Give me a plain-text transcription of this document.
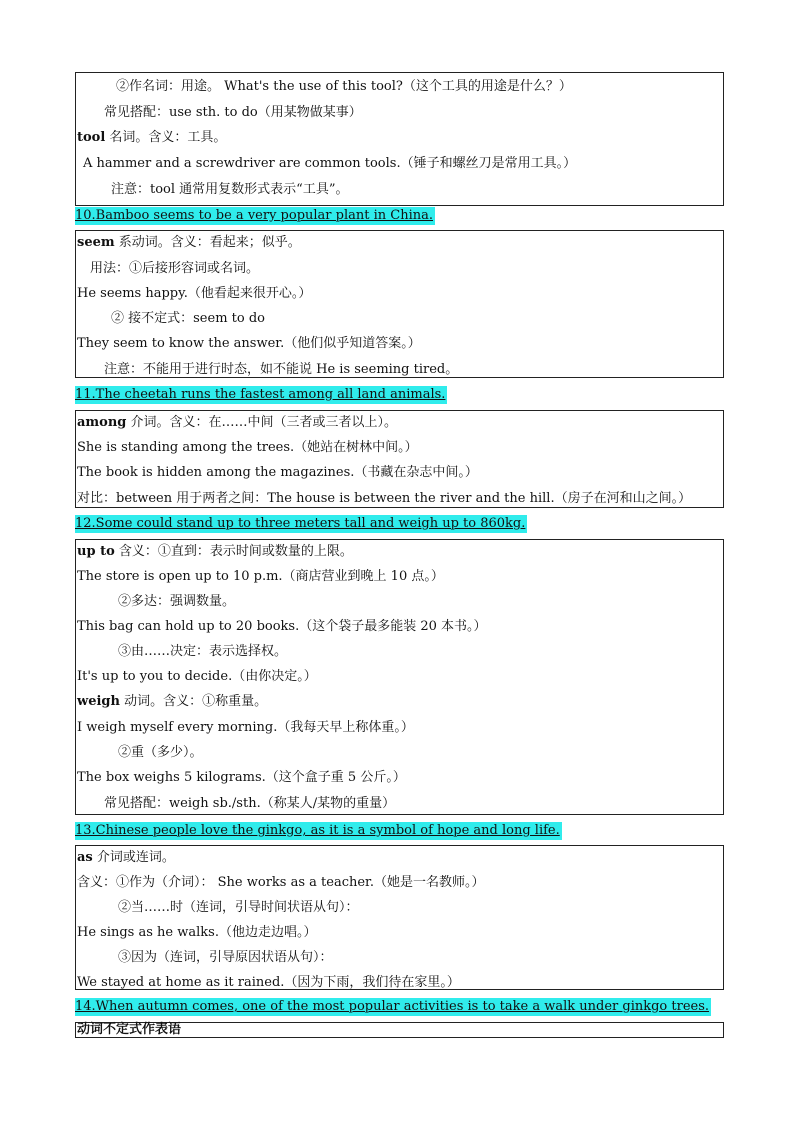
②作名词：用途。 What's the use of this tool?（这个工具的用途是什么？）
常见搭配：use sth. to do（用某物做某事）
tool 名词。含义：工具。
A hammer and a screwdriver are common tools.（锤子和螺丝刀是常用工具。）
注意：tool 通常用复数形式表示“工具”。
10.Bamboo seems to be a very popular plant in China.
seem 系动词。含义：看起来；似乎。
用法：①后接形容词或名词。
He seems happy.（他看起来很开心。）
② 接不定式：seem to do
They seem to know the answer.（他们似乎知道答案。）
注意：不能用于进行时态，如不能说 He is seeming tired。
11.The cheetah runs the fastest among all land animals.
among 介词。含义：在……中间（三者或三者以上）。
She is standing among the trees.（她站在树林中间。）
The book is hidden among the magazines.（书藏在杂志中间。）
对比：between 用于两者之间：The house is between the river and the hill.（房子在河和山之间。）
12.Some could stand up to three meters tall and weigh up to 860kg.
up to 含义：①直到：表示时间或数量的上限。
The store is open up to 10 p.m.（商店营业到晚上 10 点。）
②多达：强调数量。
This bag can hold up to 20 books.（这个袋子最多能装 20 本书。）
③由……决定：表示选择权。
It's up to you to decide.（由你决定。）
weigh 动词。含义：①称重量。
I weigh myself every morning.（我每天早上称体重。）
②重（多少）。
The box weighs 5 kilograms.（这个盒子重 5 公斤。）
常见搭配：weigh sb./sth.（称某人/某物的重量）
13.Chinese people love the ginkgo, as it is a symbol of hope and long life.
as 介词或连词。
含义：①作为（介词）： She works as a teacher.（她是一名教师。）
②当……时（连词，引导时间状语从句）：
He sings as he walks.（他边走边唱。）
③因为（连词，引导原因状语从句）：
We stayed at home as it rained.（因为下雨，我们待在家里。）
14.When autumn comes, one of the most popular activities is to take a walk under ginkgo trees.
动词不定式作表语
